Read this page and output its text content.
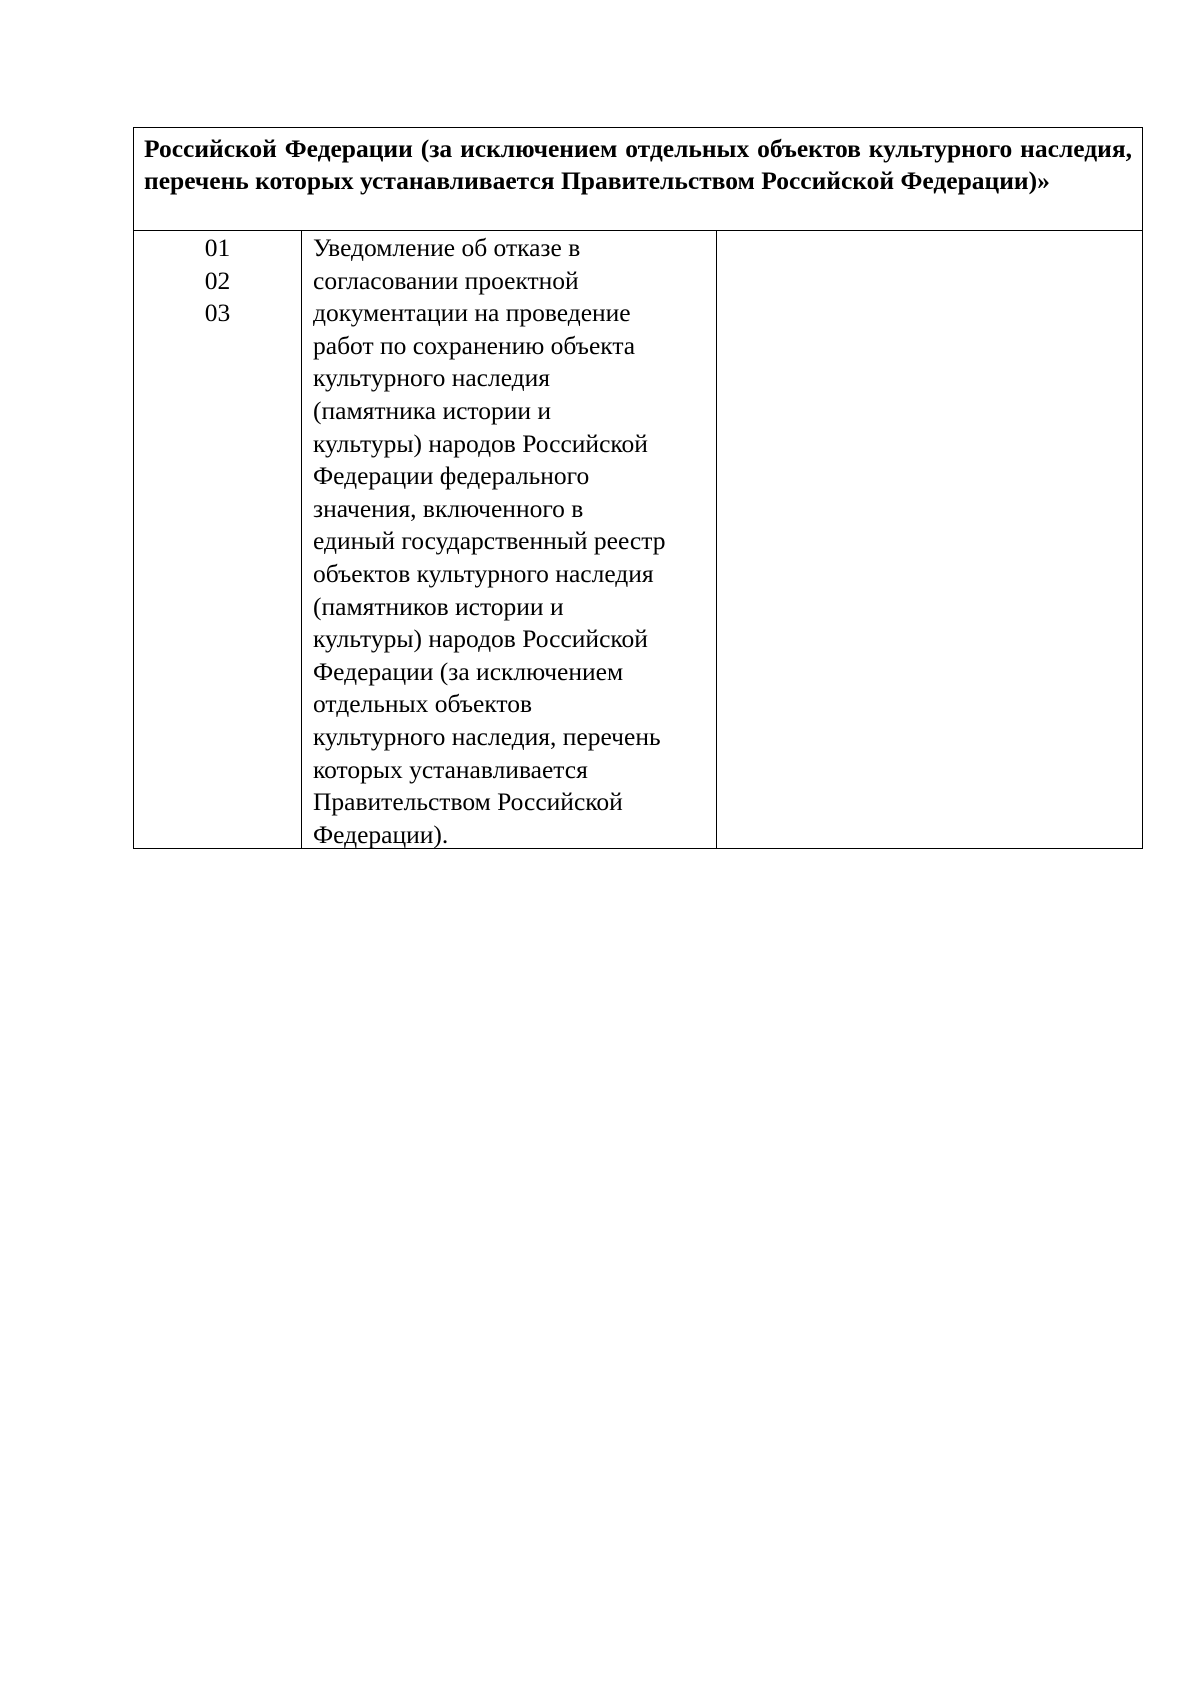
Российской Федерации (за исключением отдельных объектов культурного наследия, перечень которых устанавливается Правительством Российской Федерации)»
01
02
03
Уведомление об отказе в
согласовании проектной
документации на проведение
работ по сохранению объекта
культурного наследия
(памятника истории и
культуры) народов Российской
Федерации федерального
значения, включенного в
единый государственный реестр
объектов культурного наследия
(памятников истории и
культуры) народов Российской
Федерации (за исключением
отдельных объектов
культурного наследия, перечень
которых устанавливается
Правительством Российской
Федерации).
